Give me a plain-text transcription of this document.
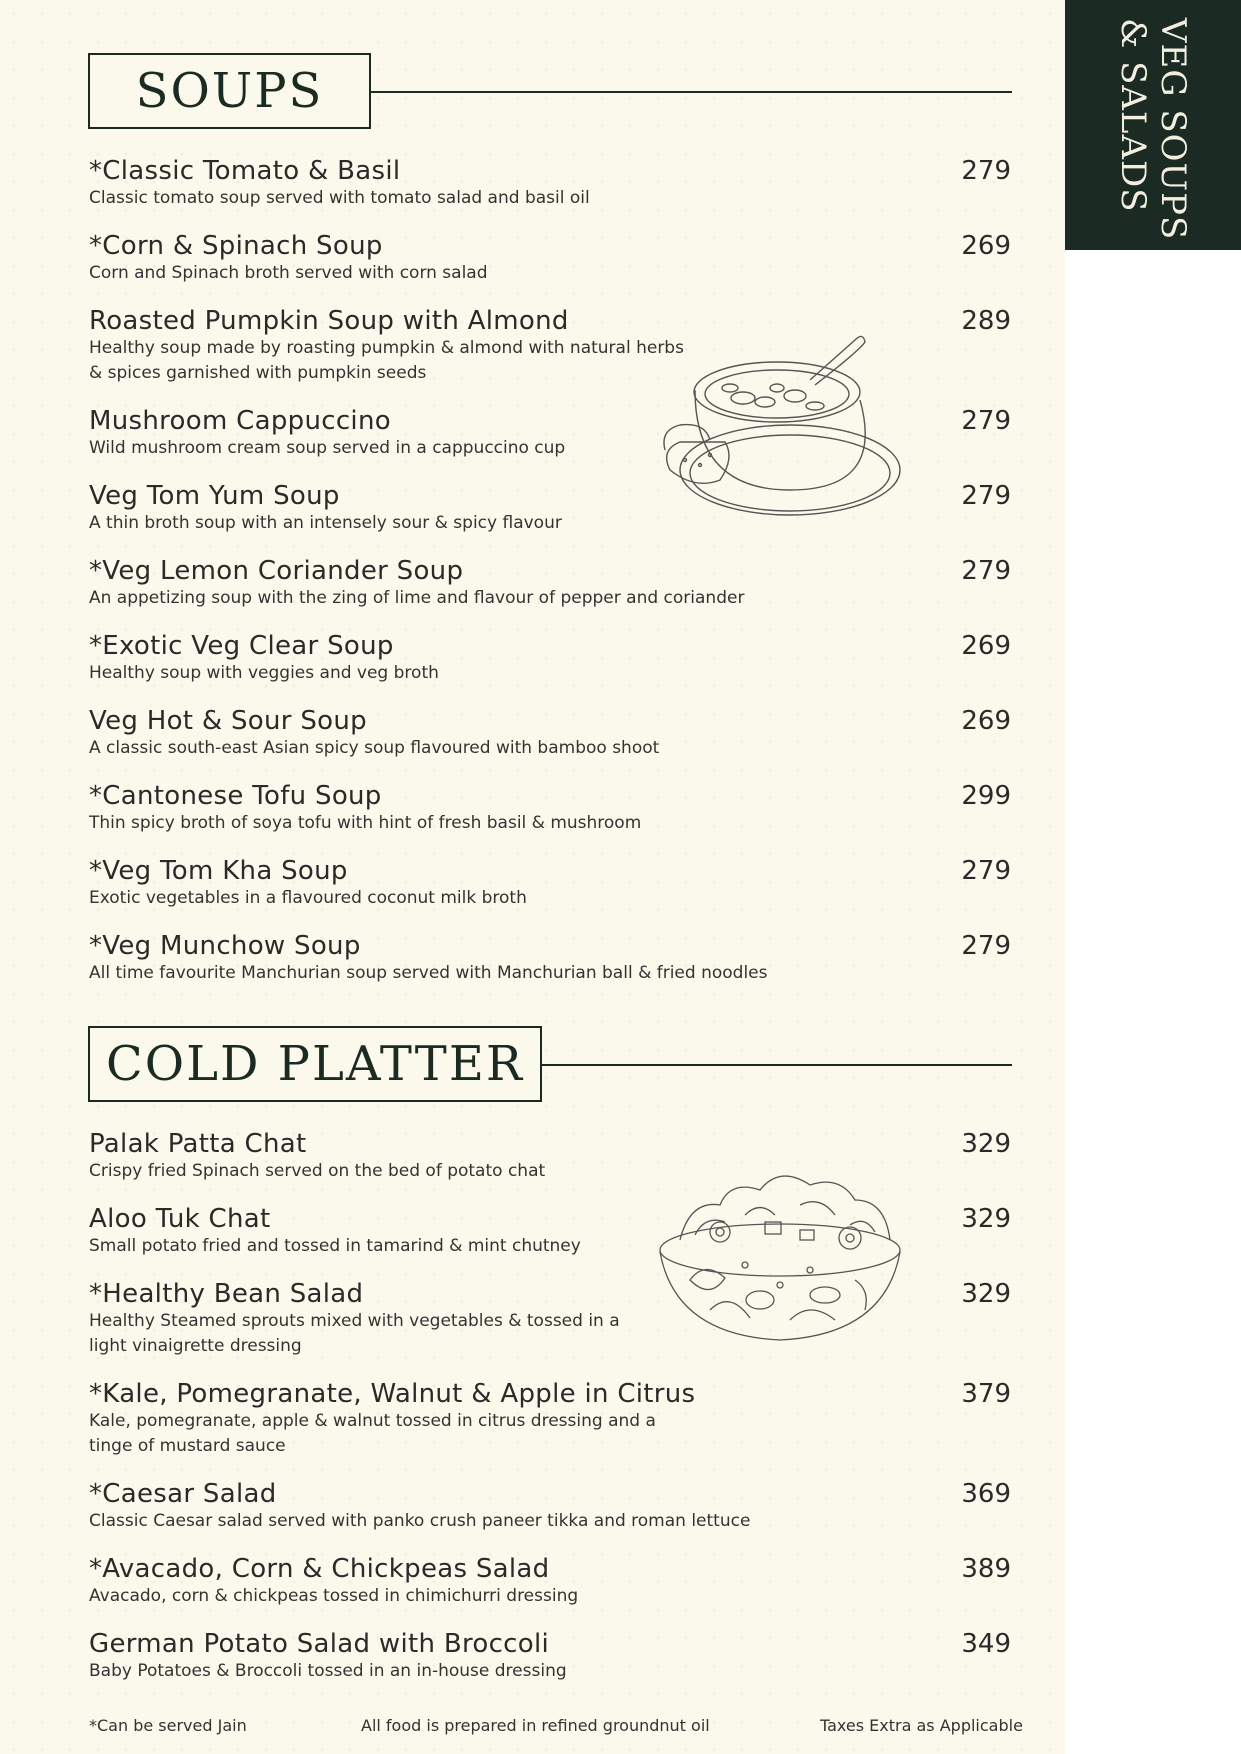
VEG SOUPS
& SALADS
SOUPS
*Classic Tomato & Basil	279
Classic tomato soup served with tomato salad and basil oil
*Corn & Spinach Soup	269
Corn and Spinach broth served with corn salad
Roasted Pumpkin Soup with Almond	289
Healthy soup made by roasting pumpkin & almond with natural herbs & spices garnished with pumpkin seeds
Mushroom Cappuccino	279
Wild mushroom cream soup served in a cappuccino cup
Veg Tom Yum Soup	279
A thin broth soup with an intensely sour & spicy flavour
*Veg Lemon Coriander Soup	279
An appetizing soup with the zing of lime and flavour of pepper and coriander
*Exotic Veg Clear Soup	269
Healthy soup with veggies and veg broth
Veg Hot & Sour Soup	269
A classic south-east Asian spicy soup flavoured with bamboo shoot
*Cantonese Tofu Soup	299
Thin spicy broth of soya tofu with hint of fresh basil & mushroom
*Veg Tom Kha Soup	279
Exotic vegetables in a flavoured coconut milk broth
*Veg Munchow Soup	279
All time favourite Manchurian soup served with Manchurian ball & fried noodles
COLD PLATTER
Palak Patta Chat	329
Crispy fried Spinach served on the bed of potato chat
Aloo Tuk Chat	329
Small potato fried and tossed in tamarind & mint chutney
*Healthy Bean Salad	329
Healthy Steamed sprouts mixed with vegetables & tossed in a light vinaigrette dressing
*Kale, Pomegranate, Walnut & Apple in Citrus	379
Kale, pomegranate, apple & walnut tossed in citrus dressing and a tinge of mustard sauce
*Caesar Salad	369
Classic Caesar salad served with panko crush paneer tikka and roman lettuce
*Avacado, Corn & Chickpeas Salad	389
Avacado, corn & chickpeas tossed in chimichurri dressing
German Potato Salad with Broccoli	349
Baby Potatoes & Broccoli tossed in an in-house dressing
*Can be served Jain	All food is prepared in refined groundnut oil	Taxes Extra as Applicable
